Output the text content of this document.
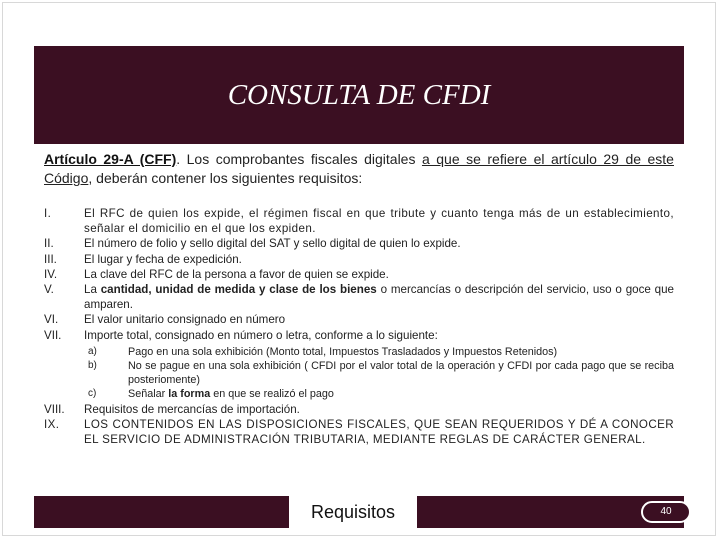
CONSULTA DE CFDI
Artículo 29-A (CFF). Los comprobantes fiscales digitales a que se refiere el artículo 29 de este Código, deberán contener los siguientes requisitos:
I.	El RFC de quien los expide, el régimen fiscal en que tribute y cuanto tenga más de un establecimiento, señalar el domicilio en el que los expiden.
II.	El número de folio y sello digital del SAT y sello digital de quien lo expide.
III. El lugar y fecha de expedición.
IV. La clave del RFC de la persona a favor de quien se expide.
V.	La cantidad, unidad de medida y clase de los bienes o mercancías o descripción del servicio, uso o goce que amparen.
VI. El valor unitario consignado en número
VII. Importe total, consignado en número o letra, conforme a lo siguiente:
a)	Pago en una sola exhibición (Monto total, Impuestos Trasladados y Impuestos Retenidos)
b)	No se pague en una sola exhibición ( CFDI por el valor total de la operación y CFDI por cada pago que se reciba posteriomente)
c)	Señalar la forma en que se realizó el pago
VIII. Requisitos de mercancías de importación.
IX. LOS CONTENIDOS EN LAS DISPOSICIONES FISCALES, QUE SEAN REQUERIDOS Y DÉ A CONOCER EL SERVICIO DE ADMINISTRACIÓN TRIBUTARIA, MEDIANTE REGLAS DE CARÁCTER GENERAL.
Requisitos	40
